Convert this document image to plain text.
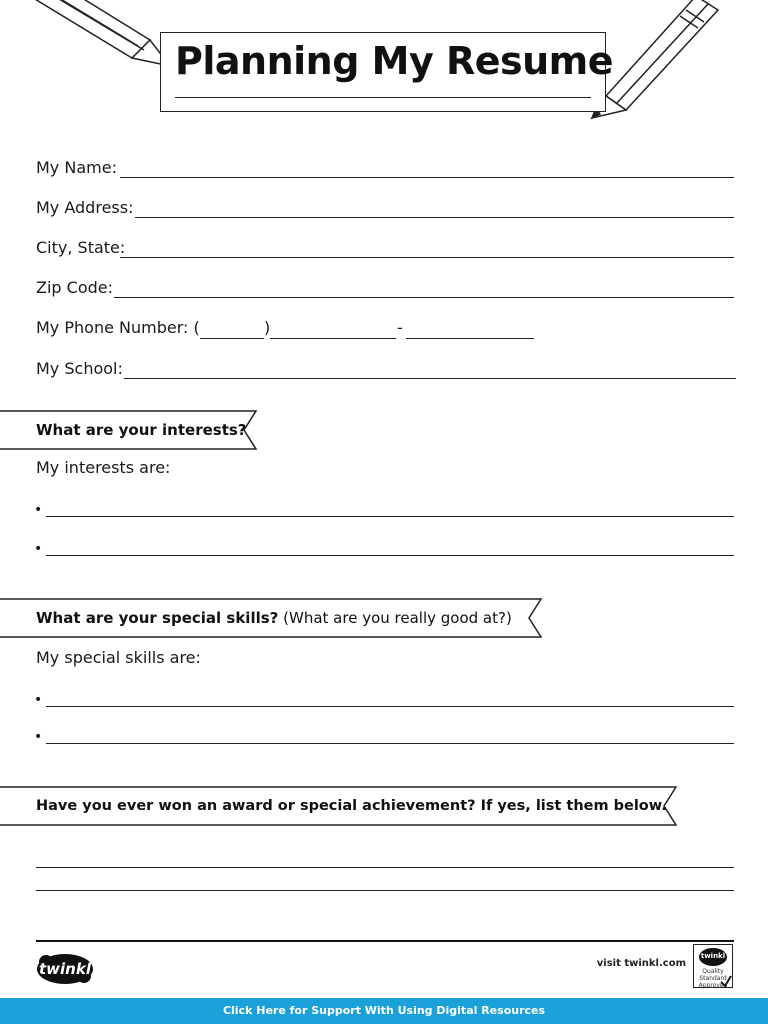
Planning My Resume
My Name:
My Address:
City, State:
Zip Code:
My Phone Number: (	)	-
My School:
What are your interests?
My interests are:
•
•
What are your special skills? (What are you really good at?)
My special skills are:
•
•
Have you ever won an award or special achievement? If yes, list them below.
twinkl	visit twinkl.com
twinkl
Quality Standard Approved
Click Here for Support With Using Digital Resources
